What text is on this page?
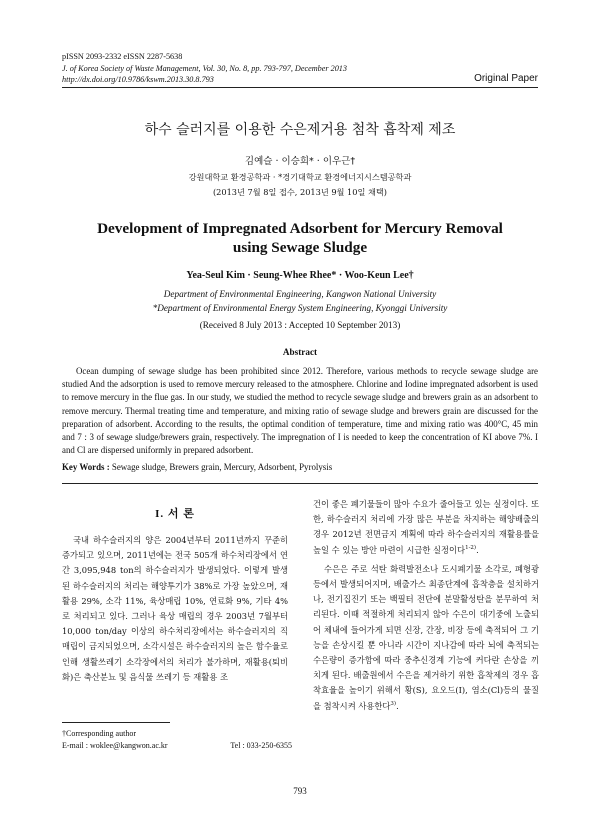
pISSN 2093-2332 eISSN 2287-5638
J. of Korea Society of Waste Management, Vol. 30, No. 8, pp. 793-797, December 2013
http://dx.doi.org/10.9786/kswm.2013.30.8.793	Original Paper
하수 슬러지를 이용한 수은제거용 첨착 흡착제 제조
김예슬 · 이승희* · 이우근†
강원대학교 환경공학과 · *경기대학교 환경에너지시스템공학과
(2013년 7월 8일 접수, 2013년 9월 10일 채택)
Development of Impregnated Adsorbent for Mercury Removal
using Sewage Sludge
Yea-Seul Kim · Seung-Whee Rhee* · Woo-Keun Lee†
Department of Environmental Engineering, Kangwon National University
*Department of Environmental Energy System Engineering, Kyonggi University
(Received 8 July 2013 : Accepted 10 September 2013)
Abstract
Ocean dumping of sewage sludge has been prohibited since 2012. Therefore, various methods to recycle sewage sludge are studied And the adsorption is used to remove mercury released to the atmosphere. Chlorine and Iodine impregnated adsorbent is used to remove mercury in the flue gas. In our study, we studied the method to recycle sewage sludge and brewers grain as an adsorbent to remove mercury. Thermal treating time and temperature, and mixing ratio of sewage sludge and brewers grain are discussed for the preparation of adsorbent. According to the results, the optimal condition of temperature, time and mixing ratio was 400°C, 45 min and 7 : 3 of sewage sludge/brewers grain, respectively. The impregnation of I is needed to keep the concentration of KI above 7%. I and Cl are dispersed uniformly in prepared adsorbent.
Key Words : Sewage sludge, Brewers grain, Mercury, Adsorbent, Pyrolysis
I. 서 론

국내 하수슬러지의 양은 2004년부터 2011년까지 꾸준히 증가되고 있으며, 2011년에는 전국 505개 하수처리장에서 연간 3,095,948 ton의 하수슬러지가 발생되었다. 이렇게 발생된 하수슬러지의 처리는 해양투기가 38%로 가장 높았으며, 재활용 29%, 소각 11%, 육상매립 10%, 연료화 9%, 기타 4%로 처리되고 있다. 그러나 육상 매립의 경우 2003년 7월부터 10,000 ton/day 이상의 하수처리장에서는 하수슬러지의 직 매립이 금지되었으며, 소각시설은 하수슬러지의 높은 함수율로 인해 생활쓰레기 소각장에서의 처리가 불가하며, 재활용(퇴비화)은 축산분뇨 및 음식물 쓰레기 등 재활용 조

건이 좋은 폐기물들이 많아 수요가 줄어들고 있는 실정이다. 또한, 하수슬러지 처리에 가장 많은 부분을 차지하는 해양배출의 경우 2012년 전면금지 계획에 따라 하수슬러지의 재활용률을 높일 수 있는 방안 마련이 시급한 실정이다$^{1-2)}$.

수은은 주로 석탄 화력발전소나 도시폐기물 소각로, 폐형광등에서 발생되어지며, 배출가스 최종단계에 흡착층을 설치하거나, 전기집진기 또는 백필터 전단에 분말활성탄을 분무하여 처리된다. 이때 적절하게 처리되지 않아 수은이 대기중에 노출되어 체내에 들어가게 되면 신장, 간장, 비장 등에 축적되어 그 기능을 손상시킬 뿐 아니라 시간이 지나감에 따라 뇌에 축적되는 수은량이 증가함에 따라 중추신경계 기능에 커다란 손상을 끼치게 된다. 배출원에서 수은을 제거하기 위한 흡착제의 경우 흡착효율을 높이기 위해서 황(S), 요오드(I), 염소(Cl)등의 물질을 첨착시켜 사용한다$^{3)}$.

†Corresponding author
E-mail : woklee@kangwon.ac.kr	Tel : 033-250-6355
793
